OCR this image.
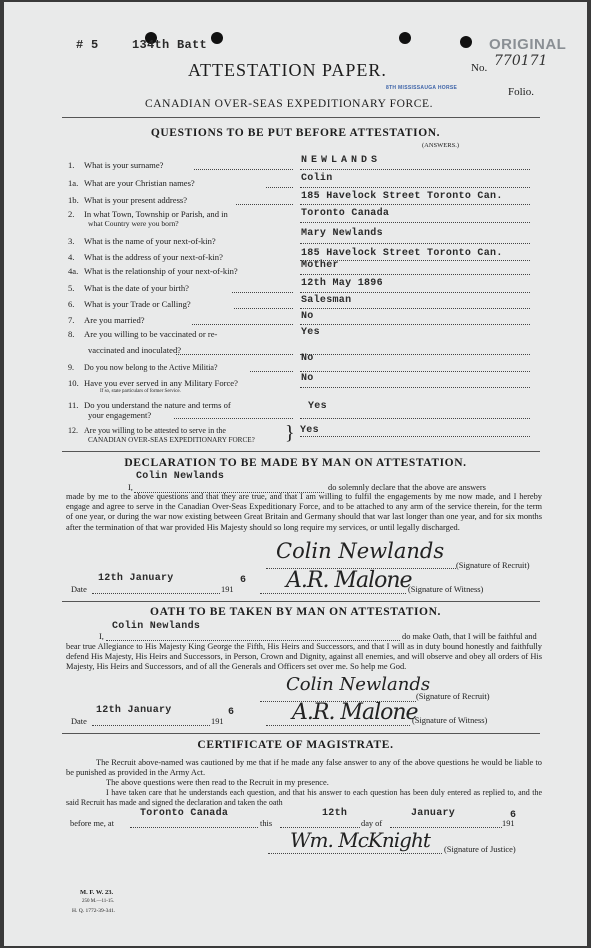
# 5	134th Batt	ORIGINAL
ATTESTATION PAPER.	No. 770171
8TH MISSISSAUGA HORSE	Folio.
CANADIAN OVER-SEAS EXPEDITIONARY FORCE.
QUESTIONS TO BE PUT BEFORE ATTESTATION.
(ANSWERS.)
1. What is your surname?	NEWLANDS
1a. What are your Christian names?	Colin
1b. What is your present address?	185 Havelock Street Toronto Can.
2. In what Town, Township or Parish, and in
what Country were you born?
Toronto Canada
3. What is the name of your next-of-kin?
Mary Newlands
4. What is the address of your next-of-kin?	185 Havelock Street Toronto Can.
4a. What is the relationship of your next-of-kin?	Mother
5. What is the date of your birth?	12th May 1896
6. What is your Trade or Calling?	Salesman
7. Are you married?	No
8. Are you willing to be vaccinated or re-
vaccinated and inoculated?
Yes
9. Do you now belong to the Active Militia?
No
10. Have you ever served in any Military Force?
If so, state particulars of former Service.
No
11. Do you understand the nature and terms of
your engagement?
Yes
12. Are you willing to be attested to serve in the
CANADIAN OVER-SEAS EXPEDITIONARY FORCE? } Yes
DECLARATION TO BE MADE BY MAN ON ATTESTATION.
Colin Newlands
I,	do solemnly declare that the above are answers
made by me to the above questions and that they are true, and that I am willing to fulfil the engagements by me now made, and I hereby engage and agree to serve in the Canadian Over-Seas Expeditionary Force, and to be attached to any arm of the service therein, for the term of one year, or during the war now existing between Great Britain and Germany should that war last longer than one year, and for six months after the termination of that war provided His Majesty should so long require my services, or until legally discharged.
Colin Newlands
(Signature of Recruit)
12th January	6
Date	191 A.R. Malone
(Signature of Witness)
OATH TO BE TAKEN BY MAN ON ATTESTATION.
Colin Newlands
I,	do make Oath, that I will be faithful and
bear true Allegiance to His Majesty King George the Fifth, His Heirs and Successors, and that I will as in duty bound honestly and faithfully defend His Majesty, His Heirs and Successors, in Person, Crown and Dignity, against all enemies, and will observe and obey all orders of His Majesty, His Heirs and Successors, and of all the Generals and Officers set over me. So help me God.
Colin Newlands
(Signature of Recruit)
12th January	6
Date	191	A.R. Malone
(Signature of Witness)
CERTIFICATE OF MAGISTRATE.
The Recruit above-named was cautioned by me that if he made any false answer to any of the above questions he would be liable to be punished as provided in the Army Act.
The above questions were then read to the Recruit in my presence.
I have taken care that he understands each question, and that his answer to each question has been duly entered as replied to, and the said Recruit has made and signed the declaration and taken the oath
Toronto Canada	12th	January	6
before me, at	this	day of	191
Wm. McKnight (Signature of Justice)
M. F. W. 23.
250 M.—11-15.
H. Q. 1772-39-341.
